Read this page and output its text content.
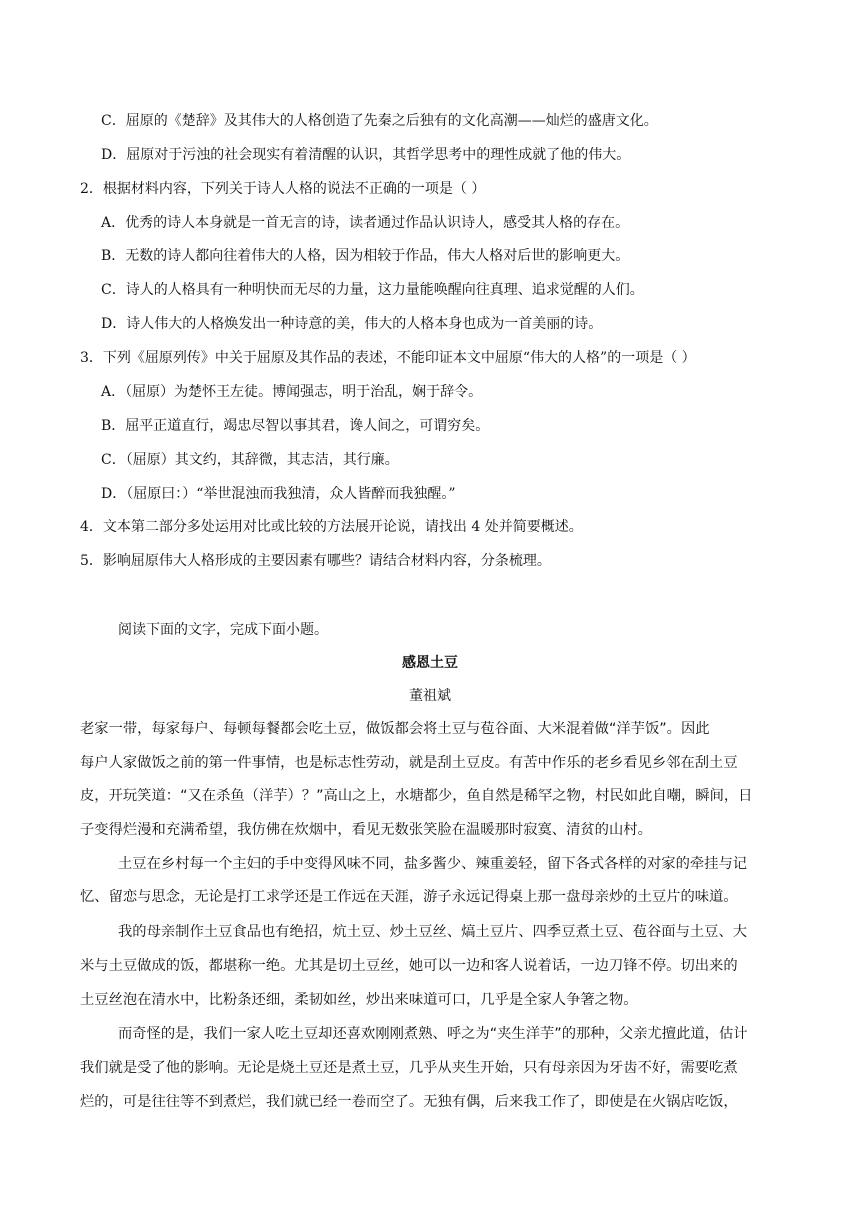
C．屈原的《楚辞》及其伟大的人格创造了先秦之后独有的文化高潮——灿烂的盛唐文化。
D．屈原对于污浊的社会现实有着清醒的认识，其哲学思考中的理性成就了他的伟大。
2．根据材料内容，下列关于诗人人格的说法不正确的一项是（ ）
A．优秀的诗人本身就是一首无言的诗，读者通过作品认识诗人，感受其人格的存在。
B．无数的诗人都向往着伟大的人格，因为相较于作品，伟大人格对后世的影响更大。
C．诗人的人格具有一种明快而无尽的力量，这力量能唤醒向往真理、追求觉醒的人们。
D．诗人伟大的人格焕发出一种诗意的美，伟大的人格本身也成为一首美丽的诗。
3．下列《屈原列传》中关于屈原及其作品的表述，不能印证本文中屈原“伟大的人格”的一项是（ ）
A．（屈原）为楚怀王左徒。博闻强志，明于治乱，娴于辞令。
B．屈平正道直行，竭忠尽智以事其君，谗人间之，可谓穷矣。
C．（屈原）其文约，其辞微，其志洁，其行廉。
D．（屈原曰：）“举世混浊而我独清，众人皆醉而我独醒。”
4．文本第二部分多处运用对比或比较的方法展开论说，请找出 4 处并简要概述。
5．影响屈原伟大人格形成的主要因素有哪些？请结合材料内容，分条梳理。
阅读下面的文字，完成下面小题。
感恩土豆
董祖斌
老家一带，每家每户、每顿每餐都会吃土豆，做饭都会将土豆与苞谷面、大米混着做“洋芋饭”。因此
每户人家做饭之前的第一件事情，也是标志性劳动，就是刮土豆皮。有苦中作乐的老乡看见乡邻在刮土豆
皮，开玩笑道：“又在杀鱼（洋芋）？”高山之上，水塘都少，鱼自然是稀罕之物，村民如此自嘲，瞬间，日
子变得烂漫和充满希望，我仿佛在炊烟中，看见无数张笑脸在温暖那时寂寞、清贫的山村。
土豆在乡村每一个主妇的手中变得风味不同，盐多酱少、辣重姜轻，留下各式各样的对家的牵挂与记
忆、留恋与思念，无论是打工求学还是工作远在天涯，游子永远记得桌上那一盘母亲炒的土豆片的味道。
我的母亲制作土豆食品也有绝招，炕土豆、炒土豆丝、熇土豆片、四季豆煮土豆、苞谷面与土豆、大
米与土豆做成的饭，都堪称一绝。尤其是切土豆丝，她可以一边和客人说着话，一边刀锋不停。切出来的
土豆丝泡在清水中，比粉条还细，柔韧如丝，炒出来味道可口，几乎是全家人争箸之物。
而奇怪的是，我们一家人吃土豆却还喜欢刚刚煮熟、呼之为“夹生洋芋”的那种，父亲尤擅此道，估计
我们就是受了他的影响。无论是烧土豆还是煮土豆，几乎从夹生开始，只有母亲因为牙齿不好，需要吃煮
烂的，可是往往等不到煮烂，我们就已经一卷而空了。无独有偶，后来我工作了，即使是在火锅店吃饭，
